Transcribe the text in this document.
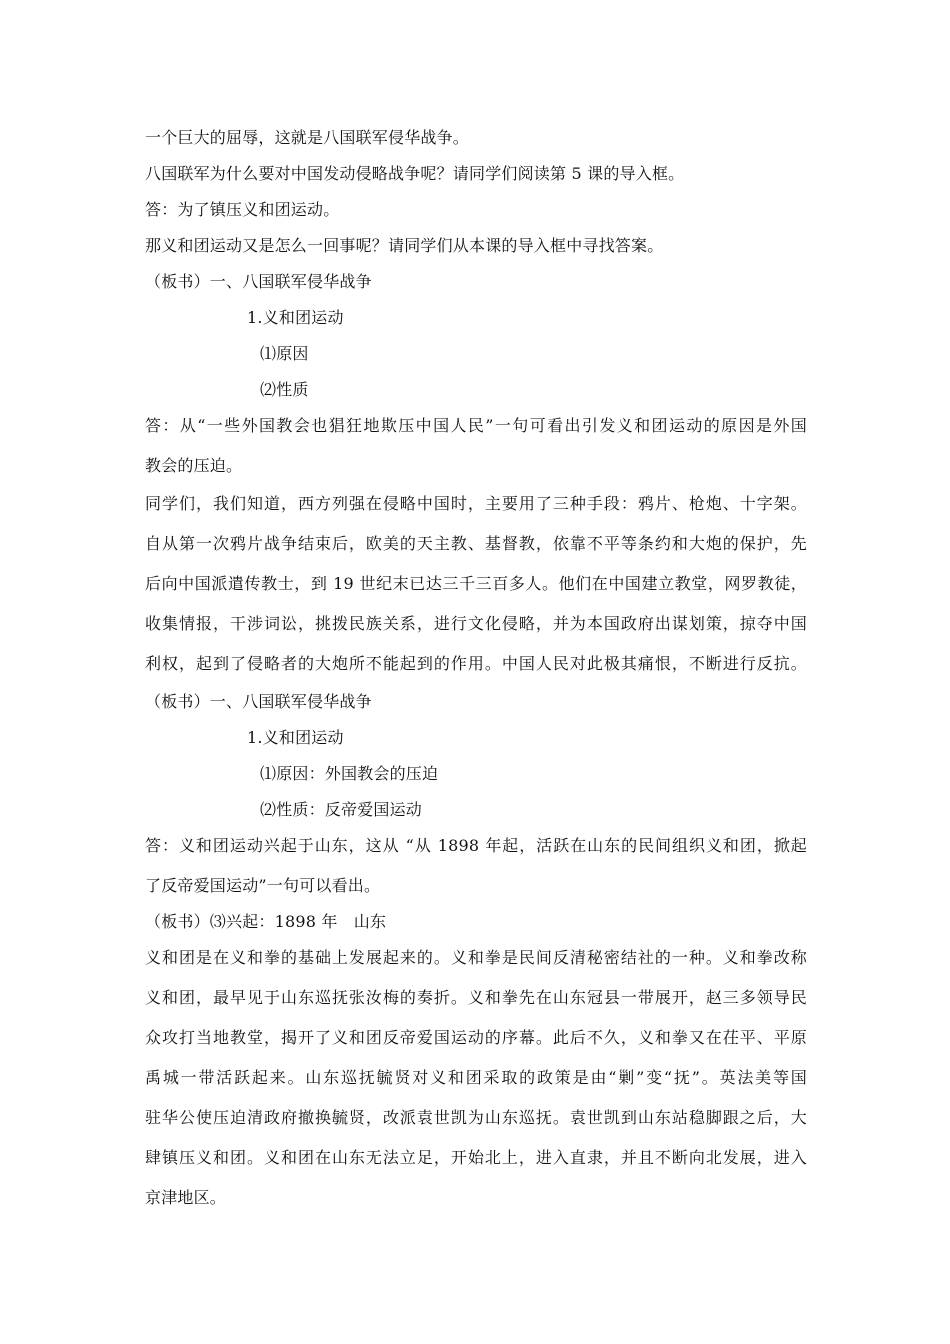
一个巨大的屈辱，这就是八国联军侵华战争。
八国联军为什么要对中国发动侵略战争呢？请同学们阅读第 5 课的导入框。
答：为了镇压义和团运动。
那义和团运动又是怎么一回事呢？请同学们从本课的导入框中寻找答案。
（板书）一、八国联军侵华战争
1.义和团运动
⑴原因
⑵性质
答：从“一些外国教会也猖狂地欺压中国人民”一句可看出引发义和团运动的原因是外国
教会的压迫。
同学们，我们知道，西方列强在侵略中国时，主要用了三种手段：鸦片、枪炮、十字架。
自从第一次鸦片战争结束后，欧美的天主教、基督教，依靠不平等条约和大炮的保护，先
后向中国派遣传教士，到 19 世纪末已达三千三百多人。他们在中国建立教堂，网罗教徒，
收集情报，干涉词讼，挑拨民族关系，进行文化侵略，并为本国政府出谋划策，掠夺中国
利权，起到了侵略者的大炮所不能起到的作用。中国人民对此极其痛恨，不断进行反抗。
（板书）一、八国联军侵华战争
1.义和团运动
⑴原因：外国教会的压迫
⑵性质：反帝爱国运动
答：义和团运动兴起于山东，这从 “从 1898 年起，活跃在山东的民间组织义和团，掀起
了反帝爱国运动”一句可以看出。
（板书）⑶兴起：1898 年　山东
义和团是在义和拳的基础上发展起来的。义和拳是民间反清秘密结社的一种。义和拳改称
义和团，最早见于山东巡抚张汝梅的奏折。义和拳先在山东冠县一带展开，赵三多领导民
众攻打当地教堂，揭开了义和团反帝爱国运动的序幕。此后不久，义和拳又在茌平、平原
禹城一带活跃起来。山东巡抚毓贤对义和团采取的政策是由“剿”变“抚”。英法美等国
驻华公使压迫清政府撤换毓贤，改派袁世凯为山东巡抚。袁世凯到山东站稳脚跟之后，大
肆镇压义和团。义和团在山东无法立足，开始北上，进入直隶，并且不断向北发展，进入
京津地区。
